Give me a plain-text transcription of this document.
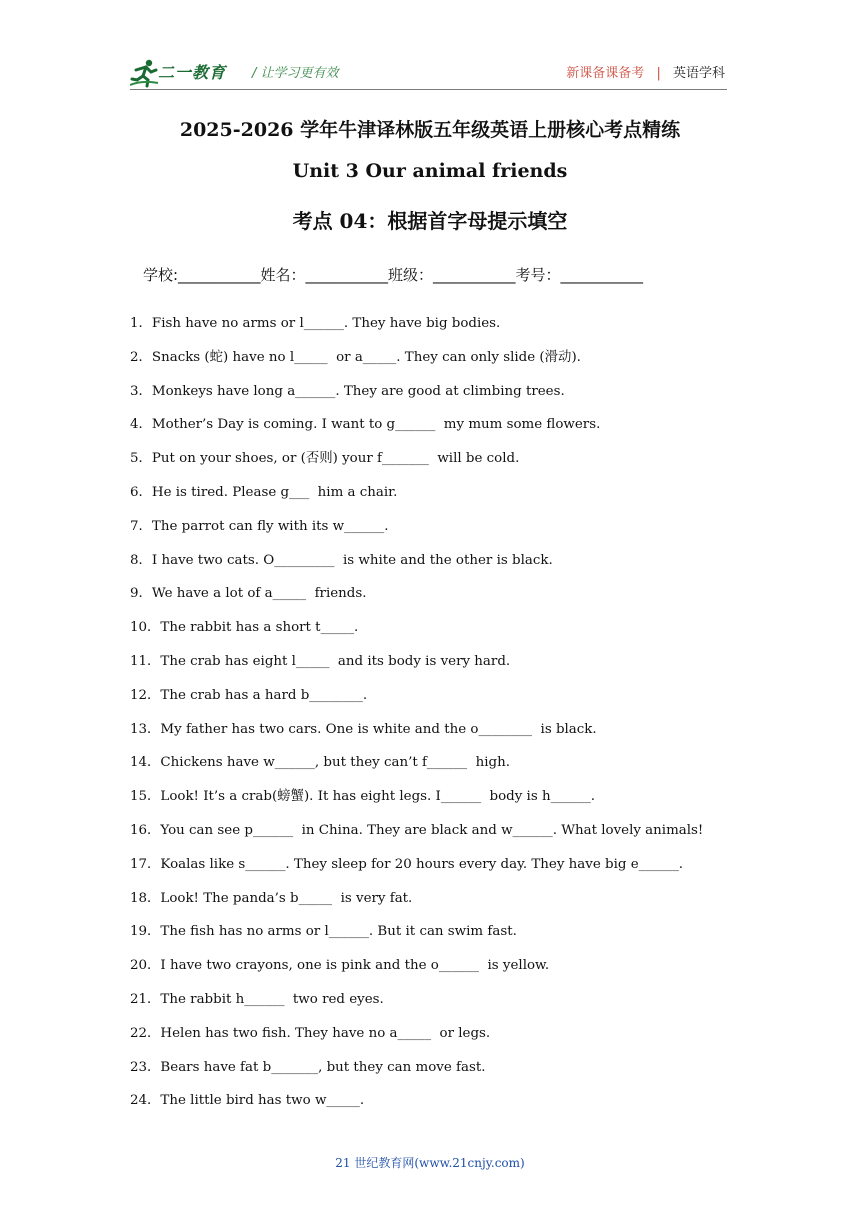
二一教育 / 让学习更有效	新课备课备考 | 英语学科
2025-2026 学年牛津译林版五年级英语上册核心考点精练
Unit 3 Our animal friends
考点 04：根据首字母提示填空
学校:___________姓名：___________班级：___________考号：___________
1．Fish have no arms or l______. They have big bodies.
2．Snacks (蛇) have no l_____  or a_____. They can only slide (滑动).
3．Monkeys have long a______. They are good at climbing trees.
4．Mother’s Day is coming. I want to g______  my mum some flowers.
5．Put on your shoes, or (否则) your f_______  will be cold.
6．He is tired. Please g___  him a chair.
7．The parrot can fly with its w______.
8．I have two cats. O_________  is white and the other is black.
9．We have a lot of a_____  friends.
10．The rabbit has a short t_____.
11．The crab has eight l_____  and its body is very hard.
12．The crab has a hard b________.
13．My father has two cars. One is white and the o________  is black.
14．Chickens have w______, but they can’t f______  high.
15．Look! It’s a crab(螃蟹). It has eight legs. I______  body is h______.
16．You can see p______  in China. They are black and w______. What lovely animals!
17．Koalas like s______. They sleep for 20 hours every day. They have big e______.
18．Look! The panda’s b_____  is very fat.
19．The fish has no arms or l______. But it can swim fast.
20．I have two crayons, one is pink and the o______  is yellow.
21．The rabbit h______  two red eyes.
22．Helen has two fish. They have no a_____  or legs.
23．Bears have fat b_______, but they can move fast.
24．The little bird has two w_____.
21 世纪教育网(www.21cnjy.com)
